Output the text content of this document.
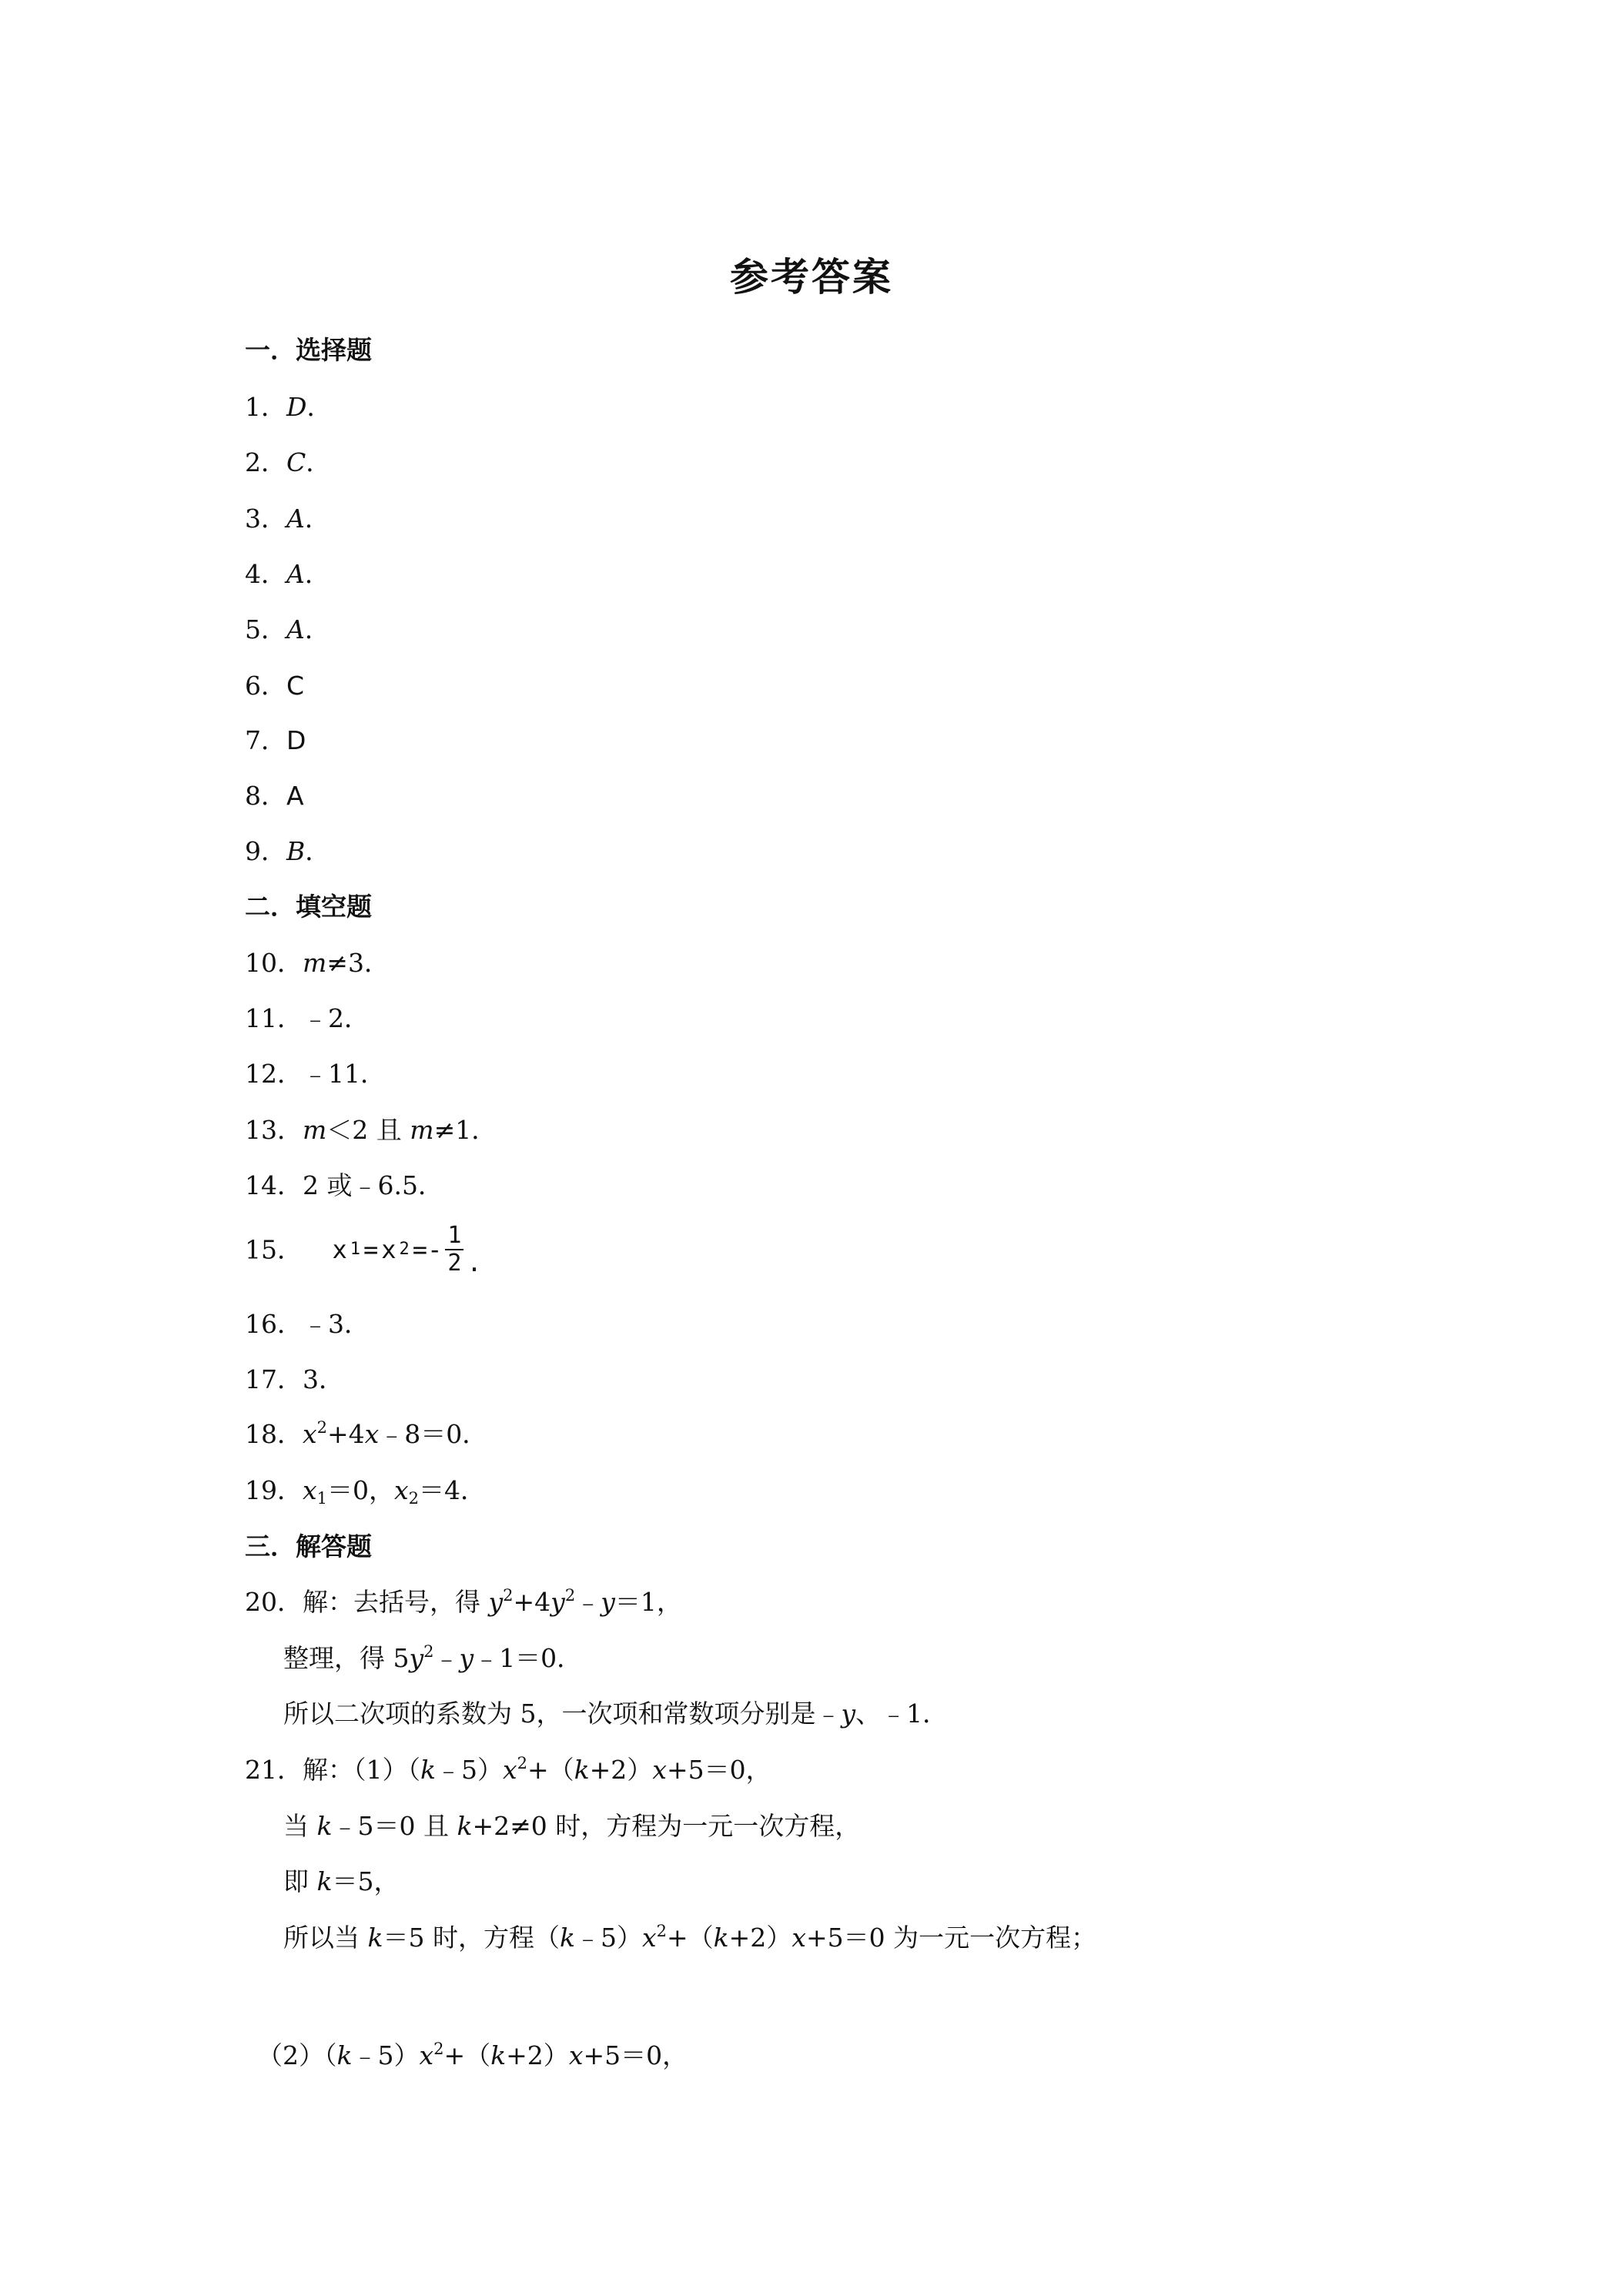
参考答案
一．选择题
1．D．
2．C．
3．A．
4．A．
5．A．
6．C
7．D
8．A
9．B．
二．填空题
10．m≠3．
11．﹣2．
12．﹣11．
13．m＜2 且 m≠1．
14．2 或﹣6.5．
15． x 1 = x $2 =- \frac{1}{2}$ .
16．﹣3．
17．3．
18．$x^2+4x﹣8=0$．
19．$x_1=0$，$x_2=4$．
三．解答题
20．解：去括号，得 $y^2+4y^2﹣y=1$，
整理，得 $5y^2﹣y﹣1=0$．
所以二次项的系数为 5，一次项和常数项分别是﹣y、﹣1．
21．解：$(1)(k﹣5)x^2+(k+2)x+5=0$，
当 k﹣5＝0 且 k+2≠0 时，方程为一元一次方程，
即 k＝5，
所以当 k＝5 时，方程$(k﹣5)x^2+(k+2)x+5=0$ 为一元一次方程；
$(2)(k﹣5)x^2+(k+2)x+5=0$，
